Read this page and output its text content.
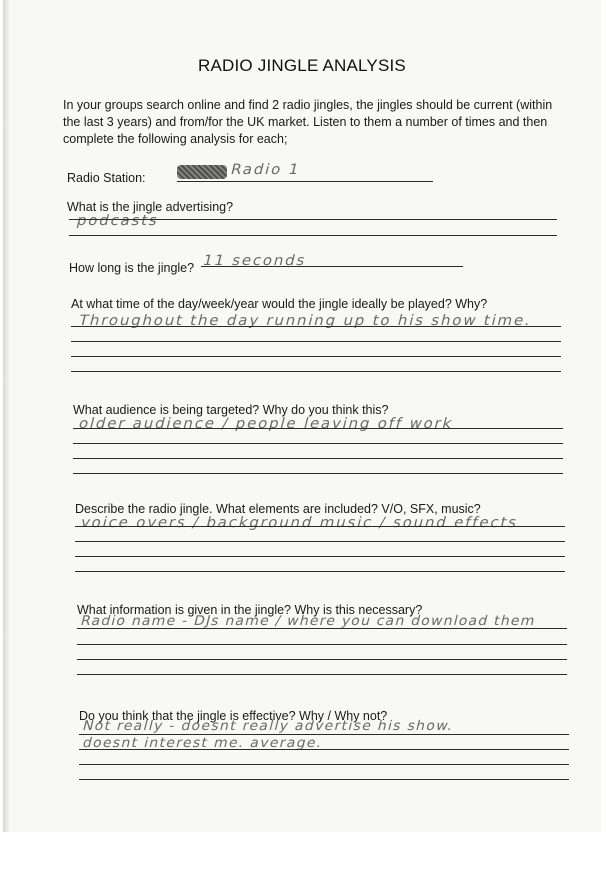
RADIO JINGLE ANALYSIS
In your groups search online and find 2 radio jingles, the jingles should be current (within the last 3 years) and from/for the UK market. Listen to them a number of times and then complete the following analysis for each;
Radio Station:	Radio 1
What is the jingle advertising?
podcasts
How long is the jingle? 11 seconds
At what time of the day/week/year would the jingle ideally be played? Why?
Throughout the day running up to his show time.
What audience is being targeted? Why do you think this?
older audience / people leaving off work
Describe the radio jingle. What elements are included? V/O, SFX, music?
voice overs / background music / sound effects
What information is given in the jingle? Why is this necessary?
Radio name - DJs name / where you can download them
Do you think that the jingle is effective? Why / Why not?
Not really - doesnt really advertise his show.
doesnt interest me. average.
